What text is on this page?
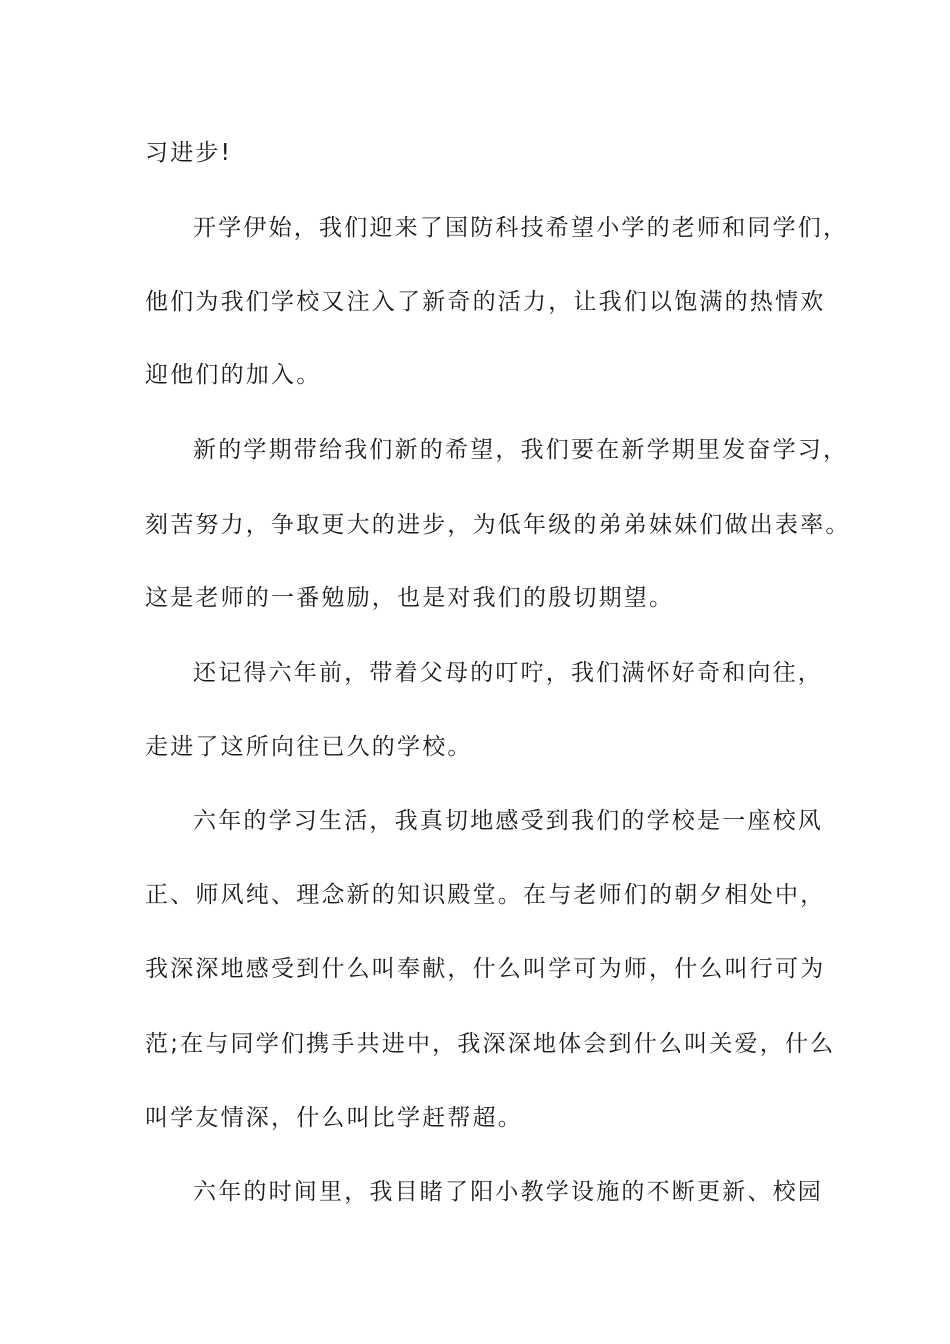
习进步!
开学伊始，我们迎来了国防科技希望小学的老师和同学们，
他们为我们学校又注入了新奇的活力，让我们以饱满的热情欢
迎他们的加入。
新的学期带给我们新的希望，我们要在新学期里发奋学习，
刻苦努力，争取更大的进步，为低年级的弟弟妹妹们做出表率。
这是老师的一番勉励，也是对我们的殷切期望。
还记得六年前，带着父母的叮咛，我们满怀好奇和向往，
走进了这所向往已久的学校。
六年的学习生活，我真切地感受到我们的学校是一座校风
正、师风纯、理念新的知识殿堂。在与老师们的朝夕相处中，
我深深地感受到什么叫奉献，什么叫学可为师，什么叫行可为
范;在与同学们携手共进中，我深深地体会到什么叫关爱，什么
叫学友情深，什么叫比学赶帮超。
六年的时间里，我目睹了阳小教学设施的不断更新、校园
